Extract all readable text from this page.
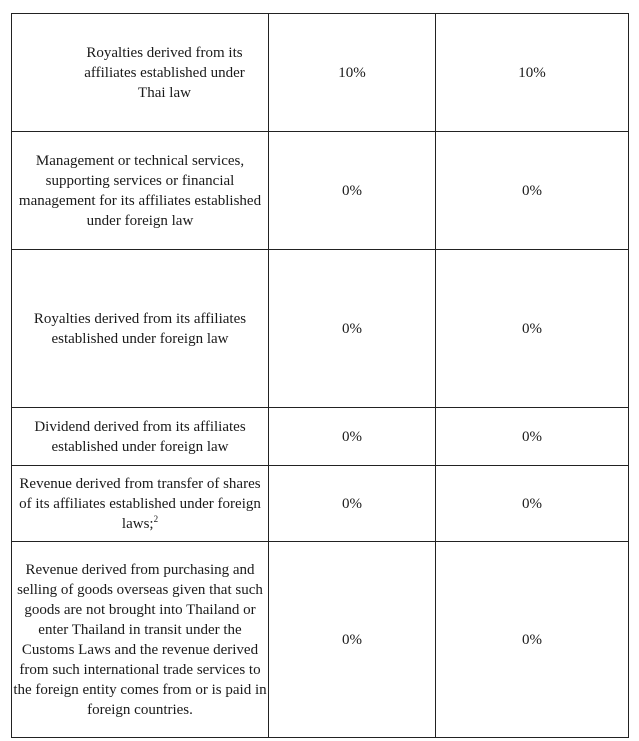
Royalties derived from its affiliates established under Thai law	10%	10%
Management or technical services, supporting services or financial management for its affiliates established under foreign law	0%	0%
Royalties derived from its affiliates established under foreign law	0%	0%
Dividend derived from its affiliates established under foreign law	0%	0%
Revenue derived from transfer of shares of its affiliates established under foreign laws;$^2$	0%	0%
Revenue derived from purchasing and selling of goods overseas given that such goods are not brought into Thailand or enter Thailand in transit under the Customs Laws and the revenue derived from such international trade services to the foreign entity comes from or is paid in foreign countries.	0%	0%
